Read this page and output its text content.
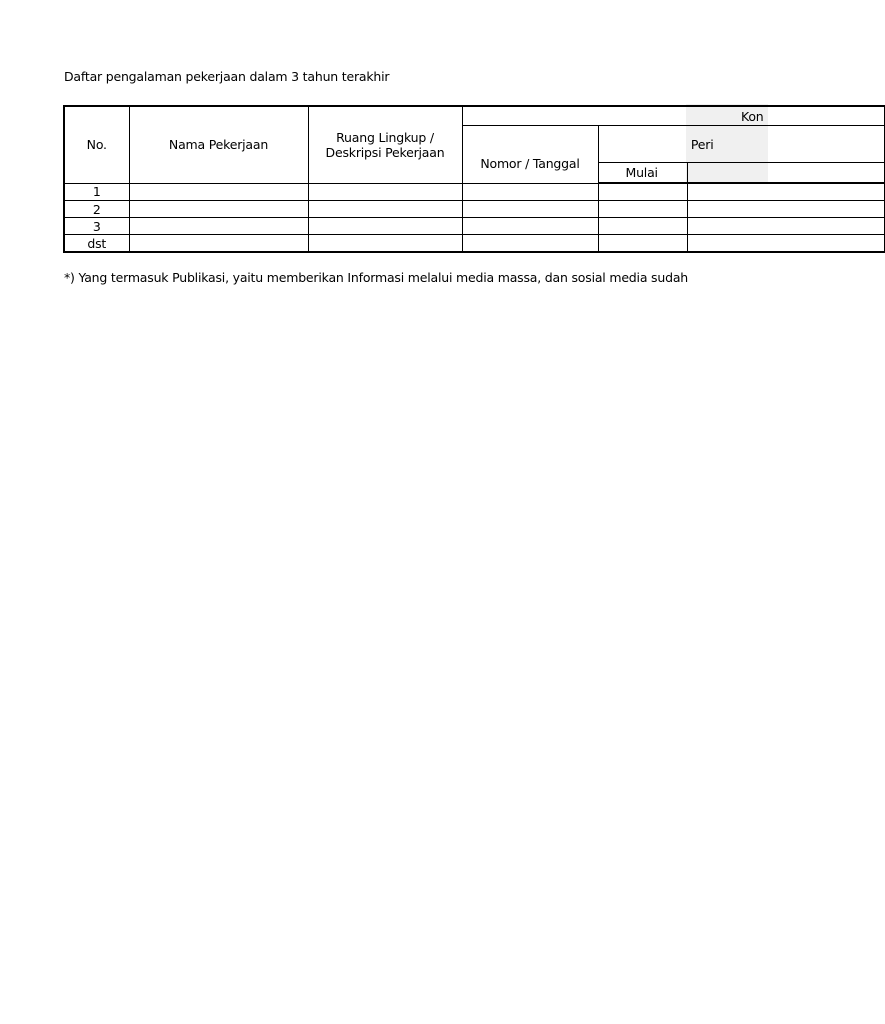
Daftar pengalaman pekerjaan dalam 3 tahun terakhir
No.	Nama Pekerjaan	Ruang Lingkup / Deskripsi Pekerjaan	Kon		
			Nomor / Tanggal	Peri	
				Mulai	
1					
2					
3					
dst					
*) Yang termasuk Publikasi, yaitu memberikan Informasi melalui media massa, dan sosial media sudah
